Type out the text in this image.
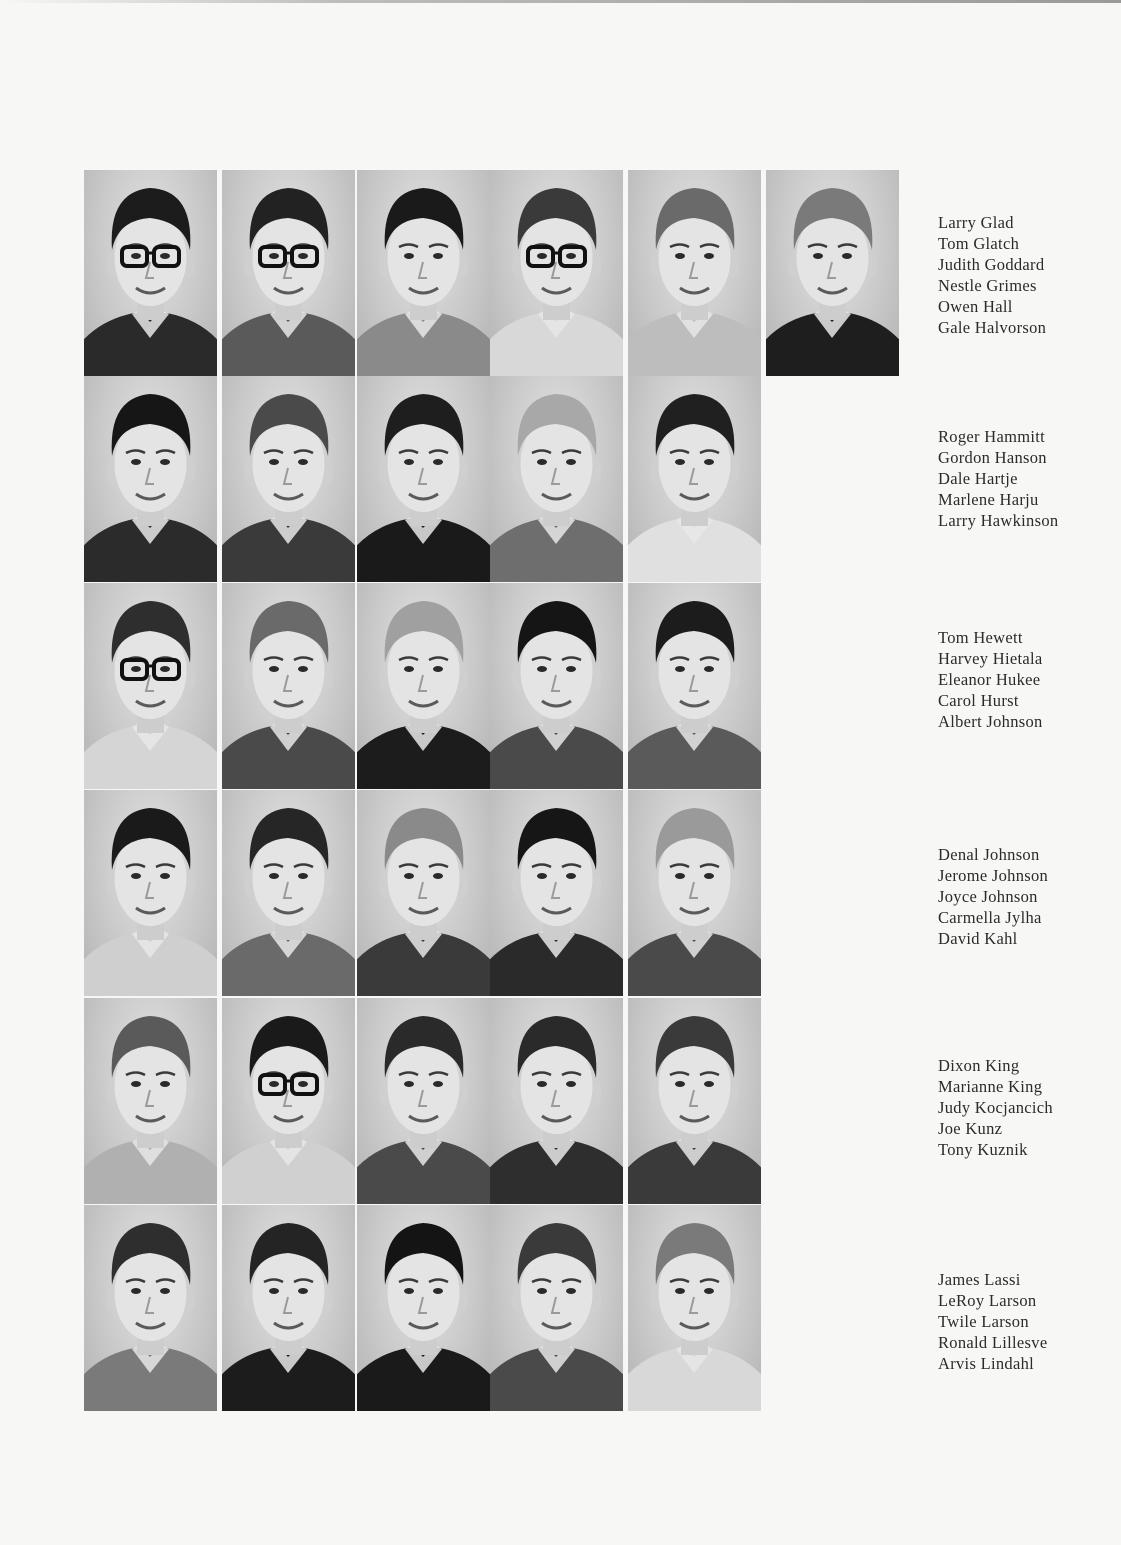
Larry Glad
Tom Glatch
Judith Goddard
Nestle Grimes
Owen Hall
Gale Halvorson
Roger Hammitt
Gordon Hanson
Dale Hartje
Marlene Harju
Larry Hawkinson
Tom Hewett
Harvey Hietala
Eleanor Hukee
Carol Hurst
Albert Johnson
Denal Johnson
Jerome Johnson
Joyce Johnson
Carmella Jylha
David Kahl
Dixon King
Marianne King
Judy Kocjancich
Joe Kunz
Tony Kuznik
James Lassi
LeRoy Larson
Twile Larson
Ronald Lillesve
Arvis Lindahl
